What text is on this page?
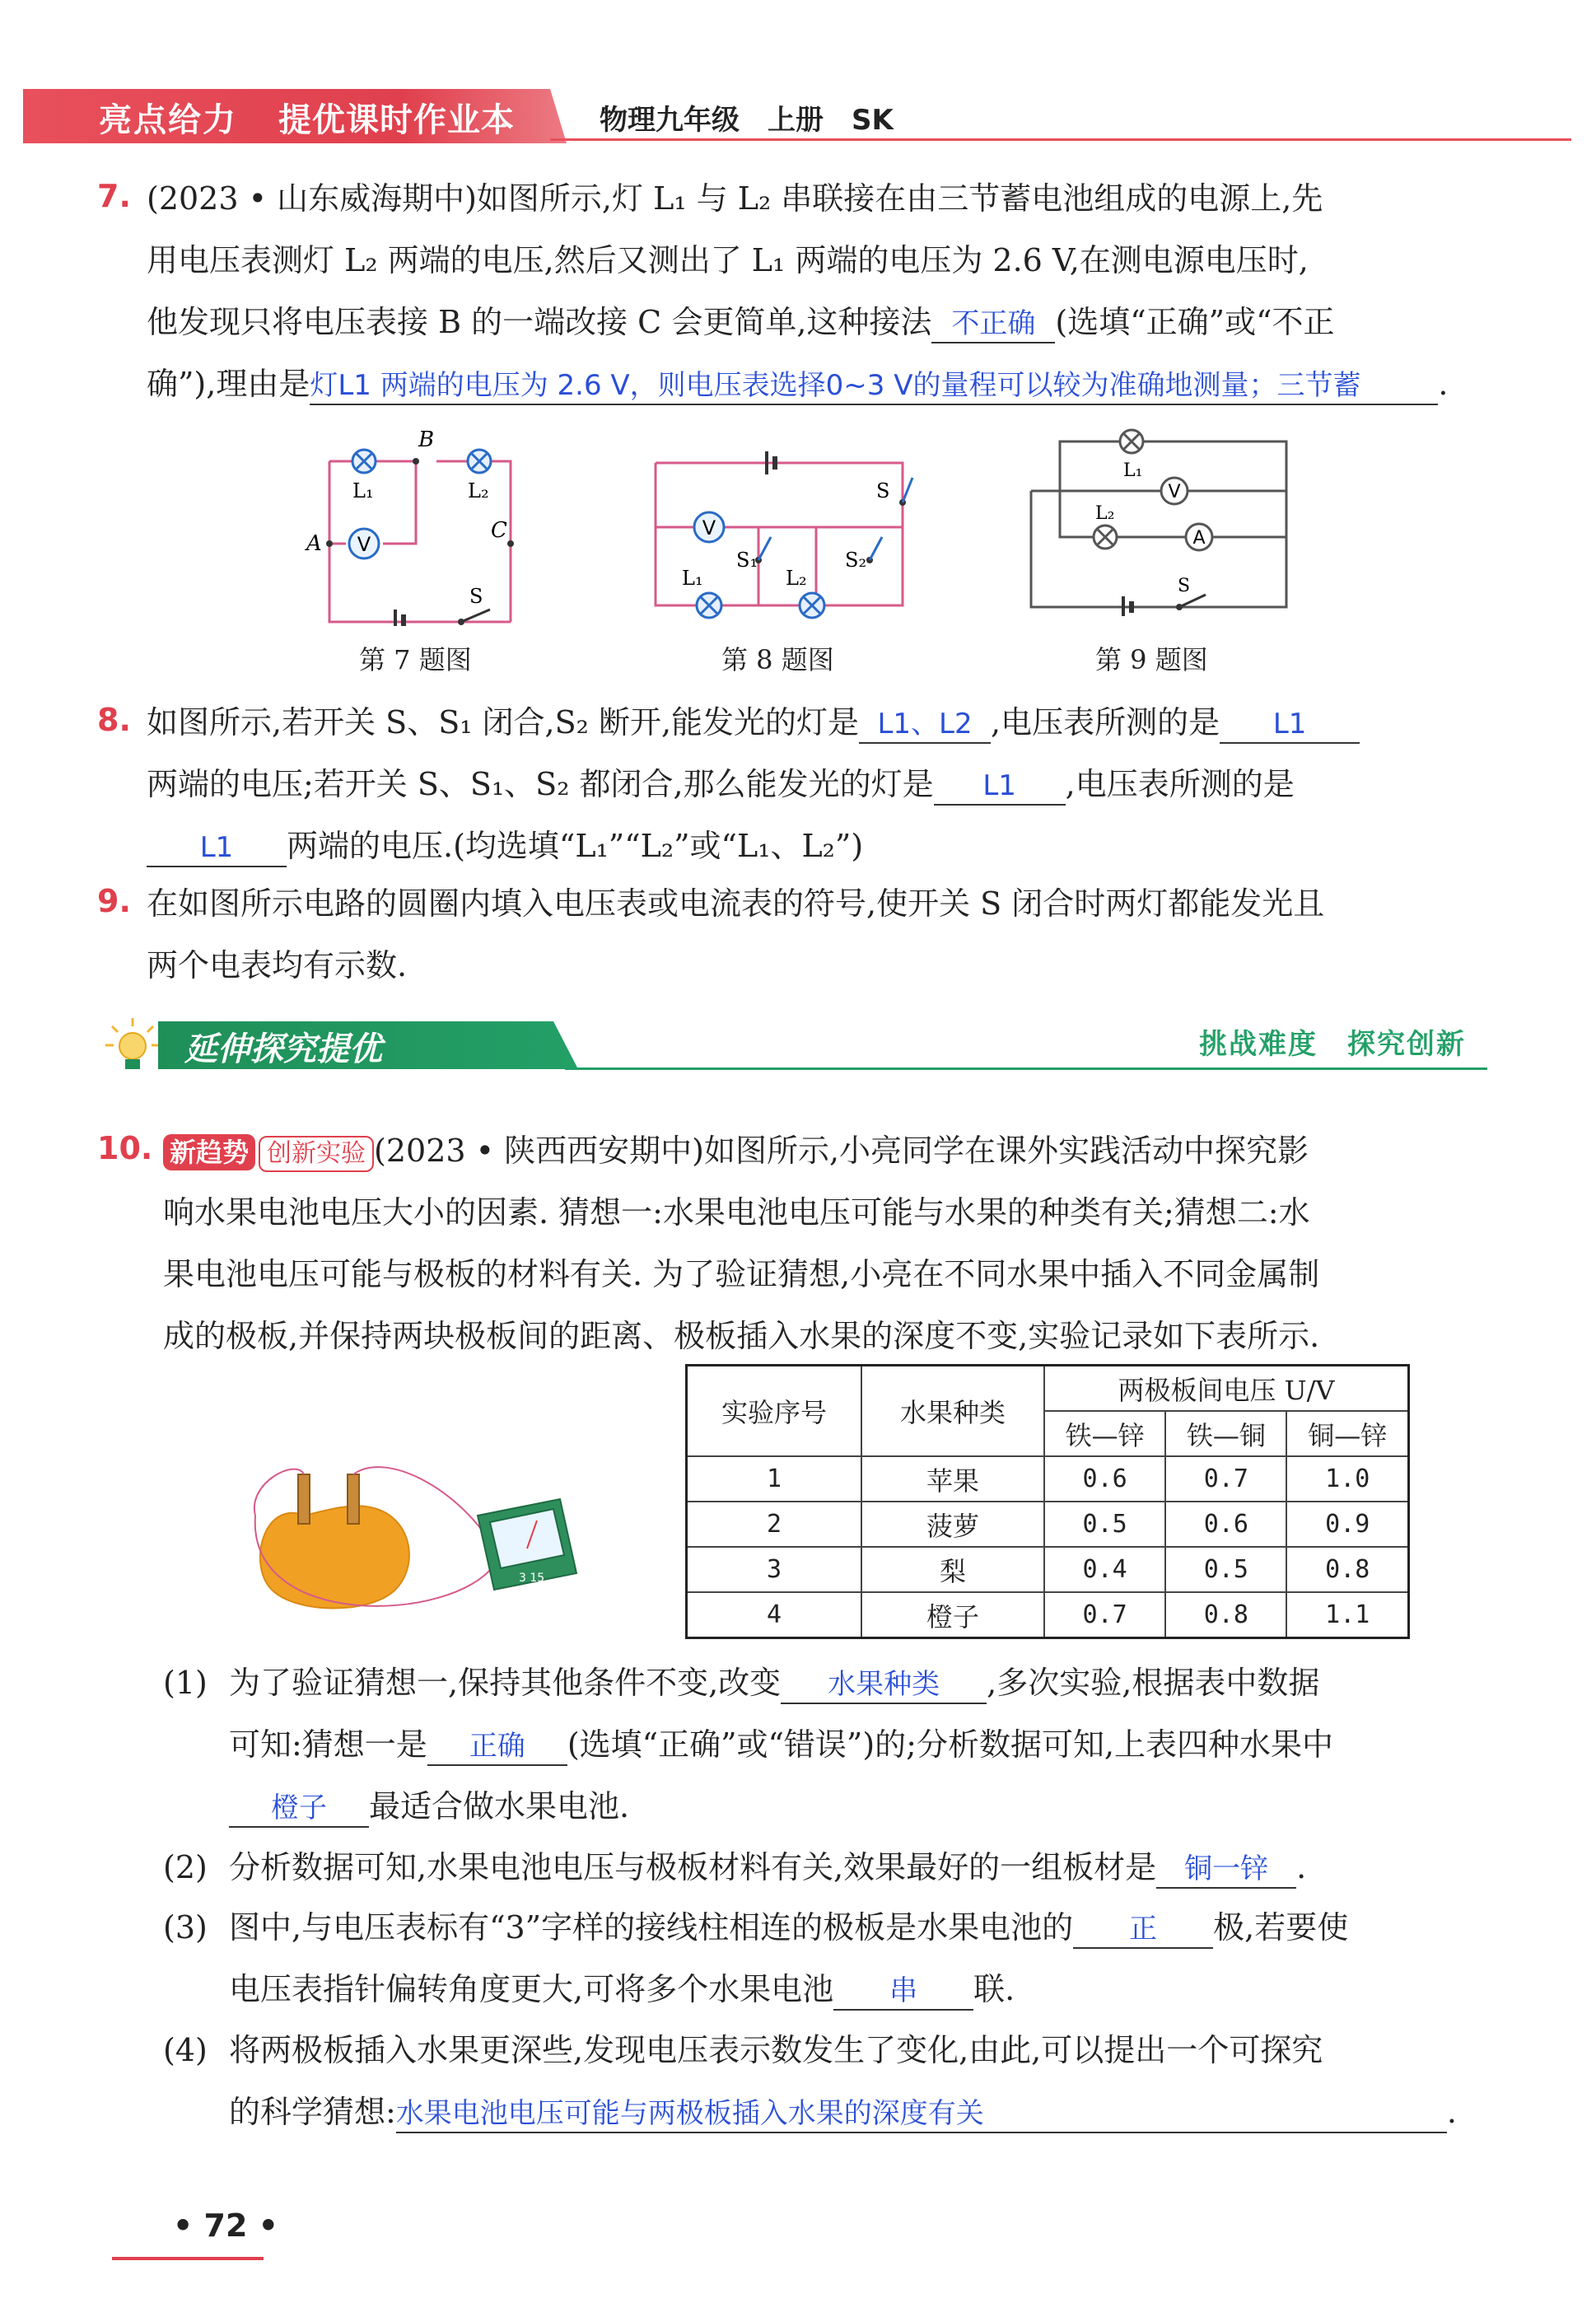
亮点给力 提优课时作业本	物理九年级　上册　SK
7. (2023 • 山东威海期中)如图所示,灯 L₁ 与 L₂ 串联接在由三节蓄电池组成的电源上,先
用电压表测灯 L₂ 两端的电压,然后又测出了 L₁ 两端的电压为 2.6 V,在测电源电压时,
他发现只将电压表接 B 的一端改接 C 会更简单,这种接法 不正确 (选填“正确”或“不正
确”),理由是灯L1 两端的电压为 2.6 V，则电压表选择0~3 V的量程可以较为准确地测量；三节蓄 .
V
B
A
C
L₁	L₂
S
第 7 题图
V
L₁	L₂
S₁	S₂
S
第 8 题图
V
A
L₁
L₂
S
第 9 题图
8. 如图所示,若开关 S、S₁ 闭合,S₂ 断开,能发光的灯是 L1、L2 ,电压表所测的是 L1
两端的电压;若开关 S、S₁、S₂ 都闭合,那么能发光的灯是 L1 ,电压表所测的是
L1 两端的电压.(均选填“L₁”“L₂”或“L₁、L₂”)
9. 在如图所示电路的圆圈内填入电压表或电流表的符号,使开关 S 闭合时两灯都能发光且
两个电表均有示数.
延伸探究提优	挑战难度　探究创新
10. 新趋势 创新实验 (2023 • 陕西西安期中)如图所示,小亮同学在课外实践活动中探究影
响水果电池电压大小的因素. 猜想一:水果电池电压可能与水果的种类有关;猜想二:水
果电池电压可能与极板的材料有关. 为了验证猜想,小亮在不同水果中插入不同金属制
成的极板,并保持两块极板间的距离、极板插入水果的深度不变,实验记录如下表所示.
3 15
实验序号	水果种类	两极板间电压 U/V		
		铁—锌	铁—铜	铜—锌
1	苹果	0.6	0.7	1.0
2	菠萝	0.5	0.6	0.9
3	梨	0.4	0.5	0.8
4	橙子	0.7	0.8	1.1
(1) 为了验证猜想一,保持其他条件不变,改变 水果种类 ,多次实验,根据表中数据
可知:猜想一是 正确 (选填“正确”或“错误”)的;分析数据可知,上表四种水果中
橙子 最适合做水果电池.
(2) 分析数据可知,水果电池电压与极板材料有关,效果最好的一组板材是 铜一锌 .
(3) 图中,与电压表标有“3”字样的接线柱相连的极板是水果电池的 正 极,若要使
电压表指针偏转角度更大,可将多个水果电池 串 联.
(4) 将两极板插入水果更深些,发现电压表示数发生了变化,由此,可以提出一个可探究
的科学猜想:水果电池电压可能与两极板插入水果的深度有关	.
• 72 •
